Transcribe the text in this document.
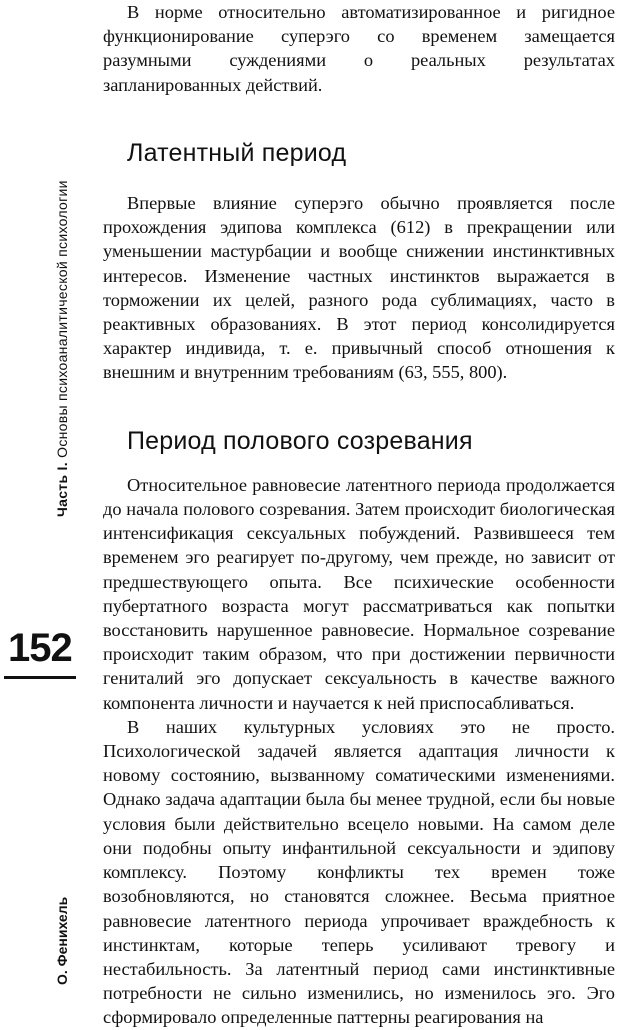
Часть I. Основы психоаналитической психологии
152
О. Фенихель

В норме относительно автоматизированное и ригидное функционирование суперэго со временем замещается разумными суждениями о реальных результатах запланированных действий.

Латентный период

Впервые влияние суперэго обычно проявляется после прохождения эдипова комплекса (612) в прекращении или уменьшении мастурбации и вообще снижении инстинктивных интересов. Изменение частных инстинктов выражается в торможении их целей, разного рода сублимациях, часто в реактивных образованиях. В этот период консолидируется характер индивида, т. е. привычный способ отношения к внешним и внутренним требованиям (63, 555, 800).

Период полового созревания

Относительное равновесие латентного периода продолжается до начала полового созревания. Затем происходит биологическая интенсификация сексуальных побуждений. Развившееся тем временем эго реагирует по-другому, чем прежде, но зависит от предшествующего опыта. Все психические особенности пубертатного возраста могут рассматриваться как попытки восстановить нарушенное равновесие. Нормальное созревание происходит таким образом, что при достижении первичности гениталий эго допускает сексуальность в качестве важного компонента личности и научается к ней приспосабливаться.

В наших культурных условиях это не просто. Психологической задачей является адаптация личности к новому состоянию, вызванному соматическими изменениями. Однако задача адаптации была бы менее трудной, если бы новые условия были действительно всецело новыми. На самом деле они подобны опыту инфантильной сексуальности и эдипову комплексу. Поэтому конфликты тех времен тоже возобновляются, но становятся сложнее. Весьма приятное равновесие латентного периода упрочивает враждебность к инстинктам, которые теперь усиливают тревогу и нестабильность. За латентный период сами инстинктивные потребности не сильно изменились, но изменилось эго. Эго сформировало определенные паттерны реагирования на
